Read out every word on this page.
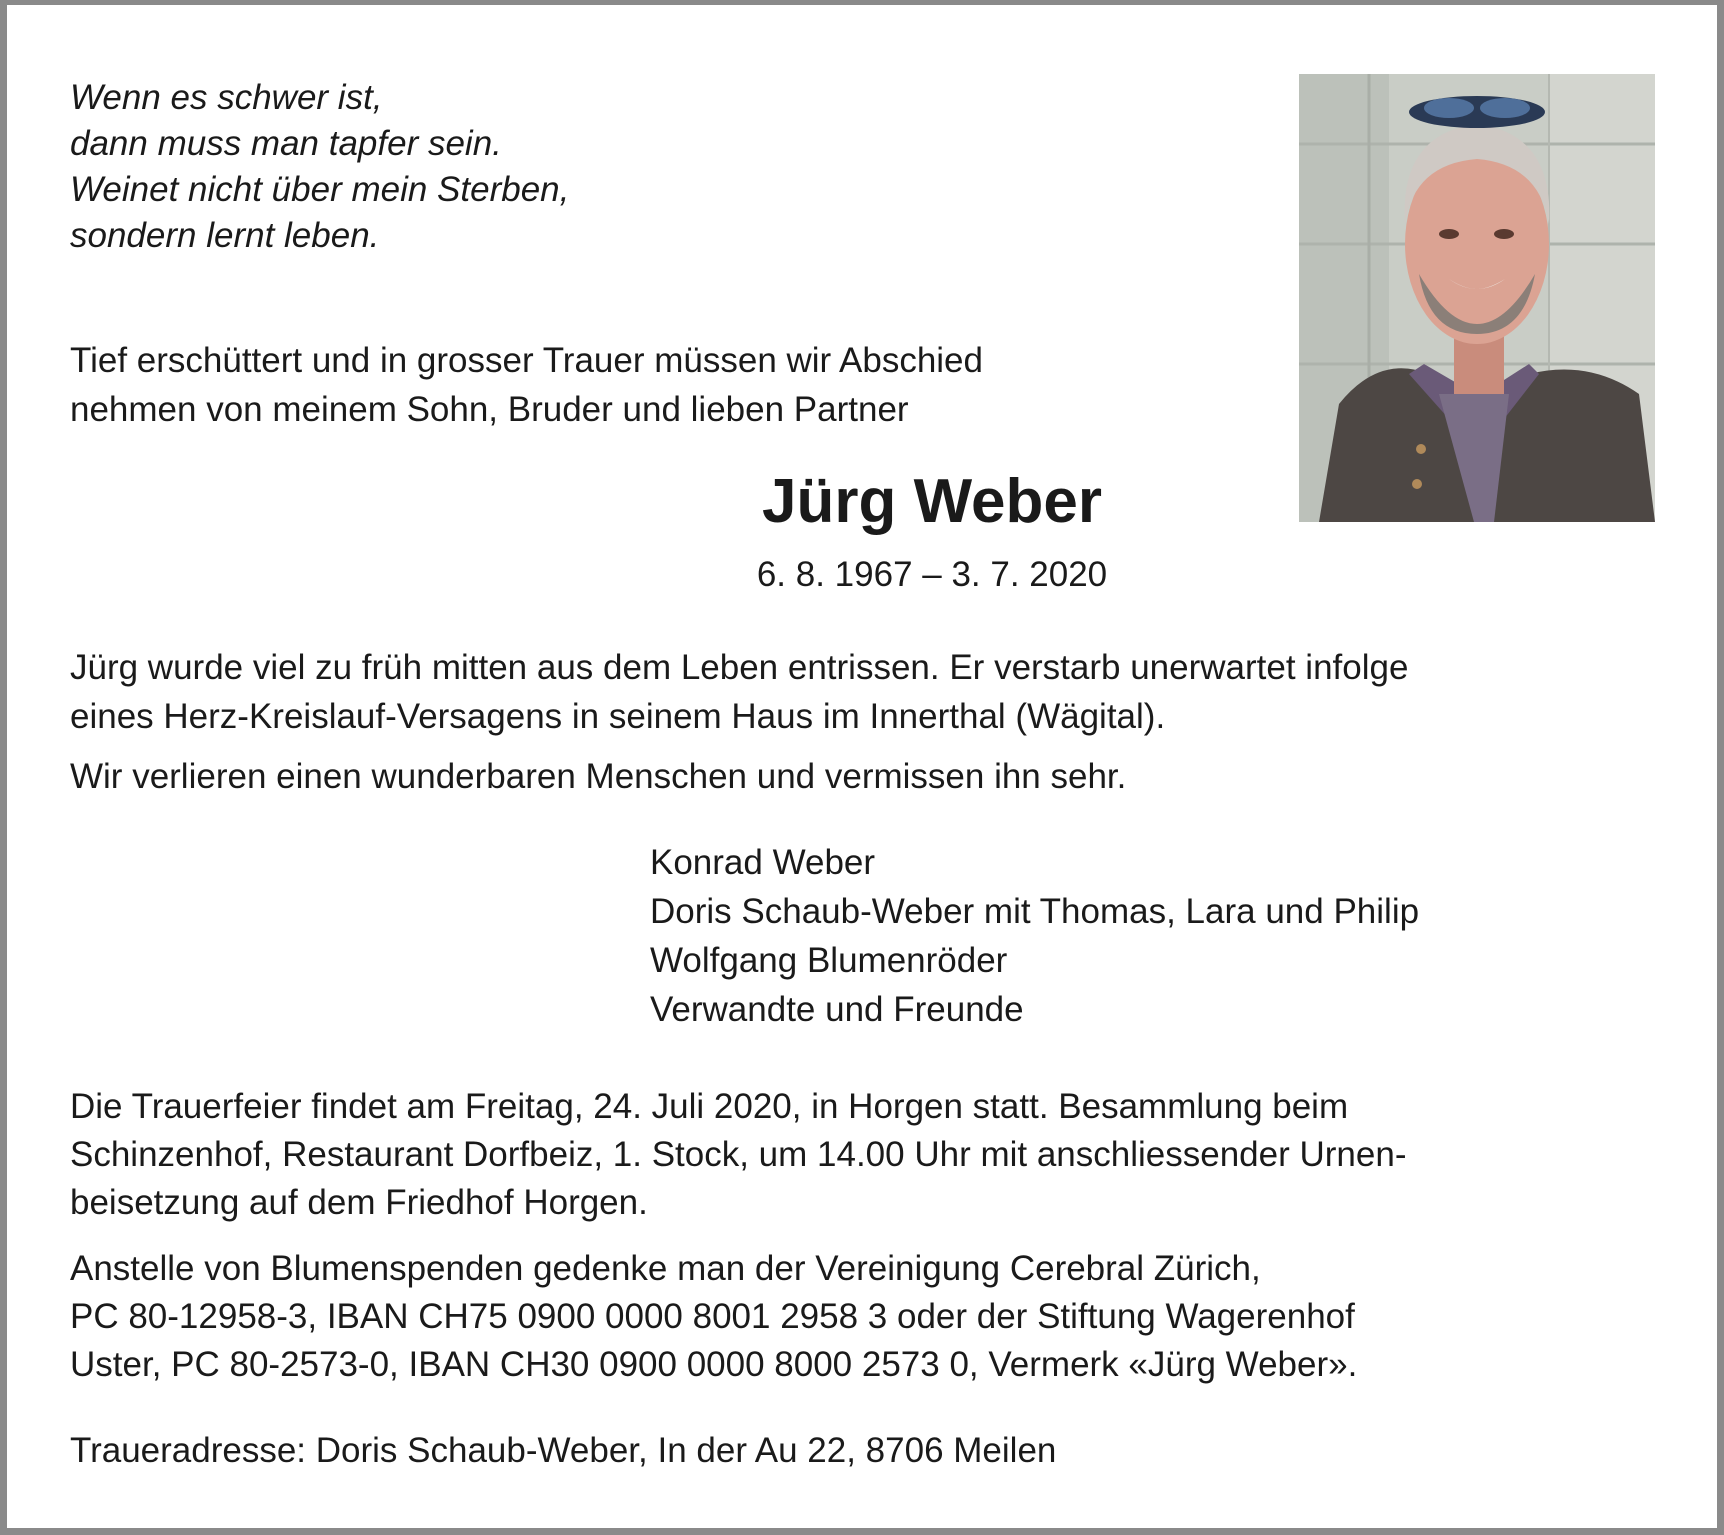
Wenn es schwer ist,
dann muss man tapfer sein.
Weinet nicht über mein Sterben,
sondern lernt leben.
Tief erschüttert und in grosser Trauer müssen wir Abschied
nehmen von meinem Sohn, Bruder und lieben Partner
Jürg Weber
6. 8. 1967 – 3. 7. 2020
Jürg wurde viel zu früh mitten aus dem Leben entrissen. Er verstarb unerwartet infolge
eines Herz-Kreislauf-Versagens in seinem Haus im Innerthal (Wägital).
Wir verlieren einen wunderbaren Menschen und vermissen ihn sehr.
Konrad Weber
Doris Schaub-Weber mit Thomas, Lara und Philip
Wolfgang Blumenröder
Verwandte und Freunde
Die Trauerfeier findet am Freitag, 24. Juli 2020, in Horgen statt. Besammlung beim
Schinzenhof, Restaurant Dorfbeiz, 1. Stock, um 14.00 Uhr mit anschliessender Urnen-
beisetzung auf dem Friedhof Horgen.
Anstelle von Blumenspenden gedenke man der Vereinigung Cerebral Zürich,
PC 80-12958-3, IBAN CH75 0900 0000 8001 2958 3 oder der Stiftung Wagerenhof
Uster, PC 80-2573-0, IBAN CH30 0900 0000 8000 2573 0, Vermerk «Jürg Weber».
Traueradresse: Doris Schaub-Weber, In der Au 22, 8706 Meilen
